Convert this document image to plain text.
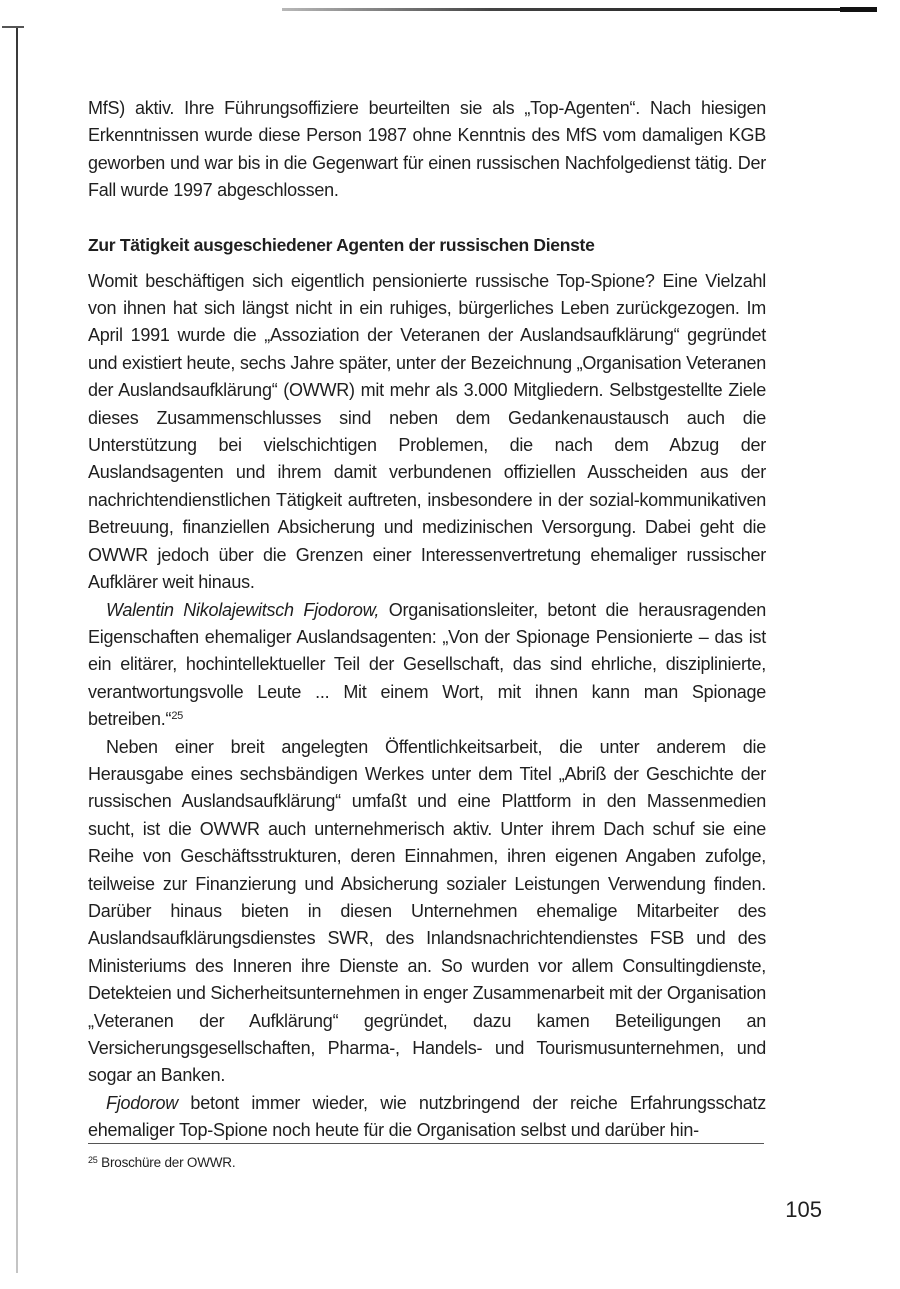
MfS) aktiv. Ihre Führungsoffiziere beurteilten sie als „Top-Agenten“. Nach hiesigen Erkenntnissen wurde diese Person 1987 ohne Kenntnis des MfS vom damaligen KGB geworben und war bis in die Gegenwart für einen russischen Nachfolgedienst tätig. Der Fall wurde 1997 abgeschlossen.

Zur Tätigkeit ausgeschiedener Agenten der russischen Dienste

Womit beschäftigen sich eigentlich pensionierte russische Top-Spione? Eine Vielzahl von ihnen hat sich längst nicht in ein ruhiges, bürgerliches Leben zurückgezogen. Im April 1991 wurde die „Assoziation der Veteranen der Auslandsaufklärung“ gegründet und existiert heute, sechs Jahre später, unter der Bezeichnung „Organisation Veteranen der Auslandsaufklärung“ (OWWR) mit mehr als 3.000 Mitgliedern. Selbstgestellte Ziele dieses Zusammenschlusses sind neben dem Gedankenaustausch auch die Unterstützung bei vielschichtigen Problemen, die nach dem Abzug der Auslandsagenten und ihrem damit verbundenen offiziellen Ausscheiden aus der nachrichtendienstlichen Tätigkeit auftreten, insbesondere in der sozial-kommunikativen Betreuung, finanziellen Absicherung und medizinischen Versorgung. Dabei geht die OWWR jedoch über die Grenzen einer Interessenvertretung ehemaliger russischer Aufklärer weit hinaus.

Walentin Nikolajewitsch Fjodorow, Organisationsleiter, betont die herausragenden Eigenschaften ehemaliger Auslandsagenten: „Von der Spionage Pensionierte – das ist ein elitärer, hochintellektueller Teil der Gesellschaft, das sind ehrliche, disziplinierte, verantwortungsvolle Leute ... Mit einem Wort, mit ihnen kann man Spionage betreiben.“$^{25}$

Neben einer breit angelegten Öffentlichkeitsarbeit, die unter anderem die Herausgabe eines sechsbändigen Werkes unter dem Titel „Abriß der Geschichte der russischen Auslandsaufklärung“ umfaßt und eine Plattform in den Massenmedien sucht, ist die OWWR auch unternehmerisch aktiv. Unter ihrem Dach schuf sie eine Reihe von Geschäftsstrukturen, deren Einnahmen, ihren eigenen Angaben zufolge, teilweise zur Finanzierung und Absicherung sozialer Leistungen Verwendung finden. Darüber hinaus bieten in diesen Unternehmen ehemalige Mitarbeiter des Auslandsaufklärungsdienstes SWR, des Inlandsnachrichtendienstes FSB und des Ministeriums des Inneren ihre Dienste an. So wurden vor allem Consultingdienste, Detekteien und Sicherheitsunternehmen in enger Zusammenarbeit mit der Organisation „Veteranen der Aufklärung“ gegründet, dazu kamen Beteiligungen an Versicherungsgesellschaften, Pharma-, Handels- und Tourismusunternehmen, und sogar an Banken.

Fjodorow betont immer wieder, wie nutzbringend der reiche Erfahrungsschatz ehemaliger Top-Spione noch heute für die Organisation selbst und darüber hin-

$^{25}$ Broschüre der OWWR.
105
